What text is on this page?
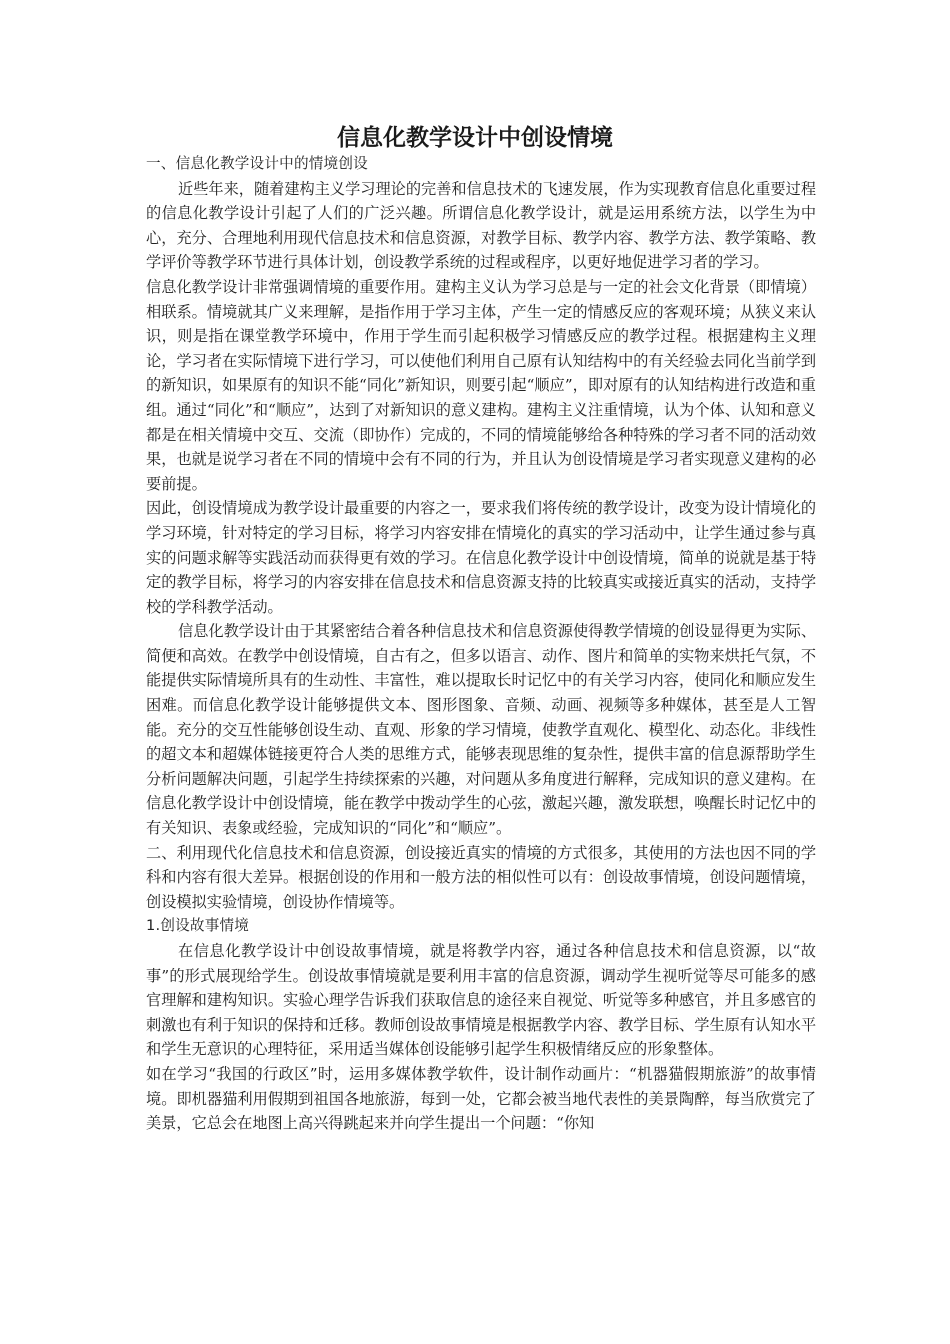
信息化教学设计中创设情境

一、信息化教学设计中的情境创设

近些年来，随着建构主义学习理论的完善和信息技术的飞速发展，作为实现教育信息化重要过程的信息化教学设计引起了人们的广泛兴趣。所谓信息化教学设计，就是运用系统方法，以学生为中心，充分、合理地利用现代信息技术和信息资源，对教学目标、教学内容、教学方法、教学策略、教学评价等教学环节进行具体计划，创设教学系统的过程或程序，以更好地促进学习者的学习。

信息化教学设计非常强调情境的重要作用。建构主义认为学习总是与一定的社会文化背景（即情境）相联系。情境就其广义来理解，是指作用于学习主体，产生一定的情感反应的客观环境；从狭义来认识，则是指在课堂教学环境中，作用于学生而引起积极学习情感反应的教学过程。根据建构主义理论，学习者在实际情境下进行学习，可以使他们利用自己原有认知结构中的有关经验去同化当前学到的新知识，如果原有的知识不能“同化”新知识，则要引起“顺应”，即对原有的认知结构进行改造和重组。通过“同化”和“顺应”，达到了对新知识的意义建构。建构主义注重情境，认为个体、认知和意义都是在相关情境中交互、交流（即协作）完成的，不同的情境能够给各种特殊的学习者不同的活动效果，也就是说学习者在不同的情境中会有不同的行为，并且认为创设情境是学习者实现意义建构的必要前提。

因此，创设情境成为教学设计最重要的内容之一，要求我们将传统的教学设计，改变为设计情境化的学习环境，针对特定的学习目标，将学习内容安排在情境化的真实的学习活动中，让学生通过参与真实的问题求解等实践活动而获得更有效的学习。在信息化教学设计中创设情境，简单的说就是基于特定的教学目标，将学习的内容安排在信息技术和信息资源支持的比较真实或接近真实的活动，支持学校的学科教学活动。

信息化教学设计由于其紧密结合着各种信息技术和信息资源使得教学情境的创设显得更为实际、简便和高效。在教学中创设情境，自古有之，但多以语言、动作、图片和简单的实物来烘托气氛，不能提供实际情境所具有的生动性、丰富性，难以提取长时记忆中的有关学习内容，使同化和顺应发生困难。而信息化教学设计能够提供文本、图形图象、音频、动画、视频等多种媒体，甚至是人工智能。充分的交互性能够创设生动、直观、形象的学习情境，使教学直观化、模型化、动态化。非线性的超文本和超媒体链接更符合人类的思维方式，能够表现思维的复杂性，提供丰富的信息源帮助学生分析问题解决问题，引起学生持续探索的兴趣，对问题从多角度进行解释，完成知识的意义建构。在信息化教学设计中创设情境，能在教学中拨动学生的心弦，激起兴趣，激发联想，唤醒长时记忆中的有关知识、表象或经验，完成知识的“同化”和“顺应”。

二、利用现代化信息技术和信息资源，创设接近真实的情境的方式很多，其使用的方法也因不同的学科和内容有很大差异。根据创设的作用和一般方法的相似性可以有：创设故事情境，创设问题情境，创设模拟实验情境，创设协作情境等。

1.创设故事情境

在信息化教学设计中创设故事情境，就是将教学内容，通过各种信息技术和信息资源，以“故事”的形式展现给学生。创设故事情境就是要利用丰富的信息资源，调动学生视听觉等尽可能多的感官理解和建构知识。实验心理学告诉我们获取信息的途径来自视觉、听觉等多种感官，并且多感官的刺激也有利于知识的保持和迁移。教师创设故事情境是根据教学内容、教学目标、学生原有认知水平和学生无意识的心理特征，采用适当媒体创设能够引起学生积极情绪反应的形象整体。

如在学习“我国的行政区”时，运用多媒体教学软件，设计制作动画片：“机器猫假期旅游”的故事情境。即机器猫利用假期到祖国各地旅游，每到一处，它都会被当地代表性的美景陶醉，每当欣赏完了美景，它总会在地图上高兴得跳起来并向学生提出一个问题：“你知
